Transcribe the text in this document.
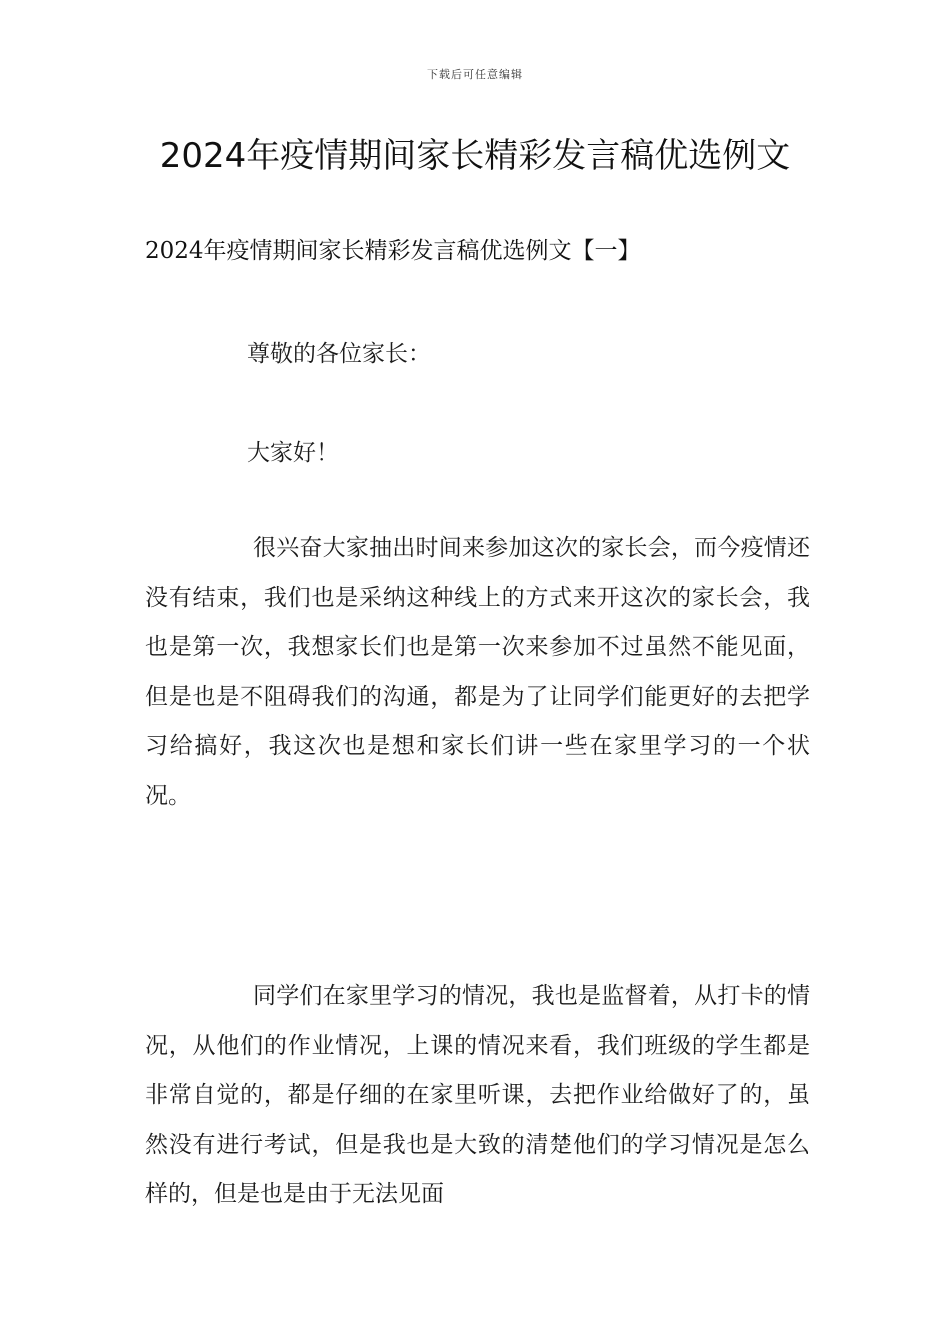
下载后可任意编辑
2024年疫情期间家长精彩发言稿优选例文
2024年疫情期间家长精彩发言稿优选例文【一】
尊敬的各位家长：
大家好！

很兴奋大家抽出时间来参加这次的家长会，而今疫情还没有结束，我们也是采纳这种线上的方式来开这次的家长会，我也是第一次，我想家长们也是第一次来参加不过虽然不能见面，但是也是不阻碍我们的沟通，都是为了让同学们能更好的去把学习给搞好，我这次也是想和家长们讲一些在家里学习的一个状况。

同学们在家里学习的情况，我也是监督着，从打卡的情况，从他们的作业情况，上课的情况来看，我们班级的学生都是非常自觉的，都是仔细的在家里听课，去把作业给做好了的，虽然没有进行考试，但是我也是大致的清楚他们的学习情况是怎么样的，但是也是由于无法见面
